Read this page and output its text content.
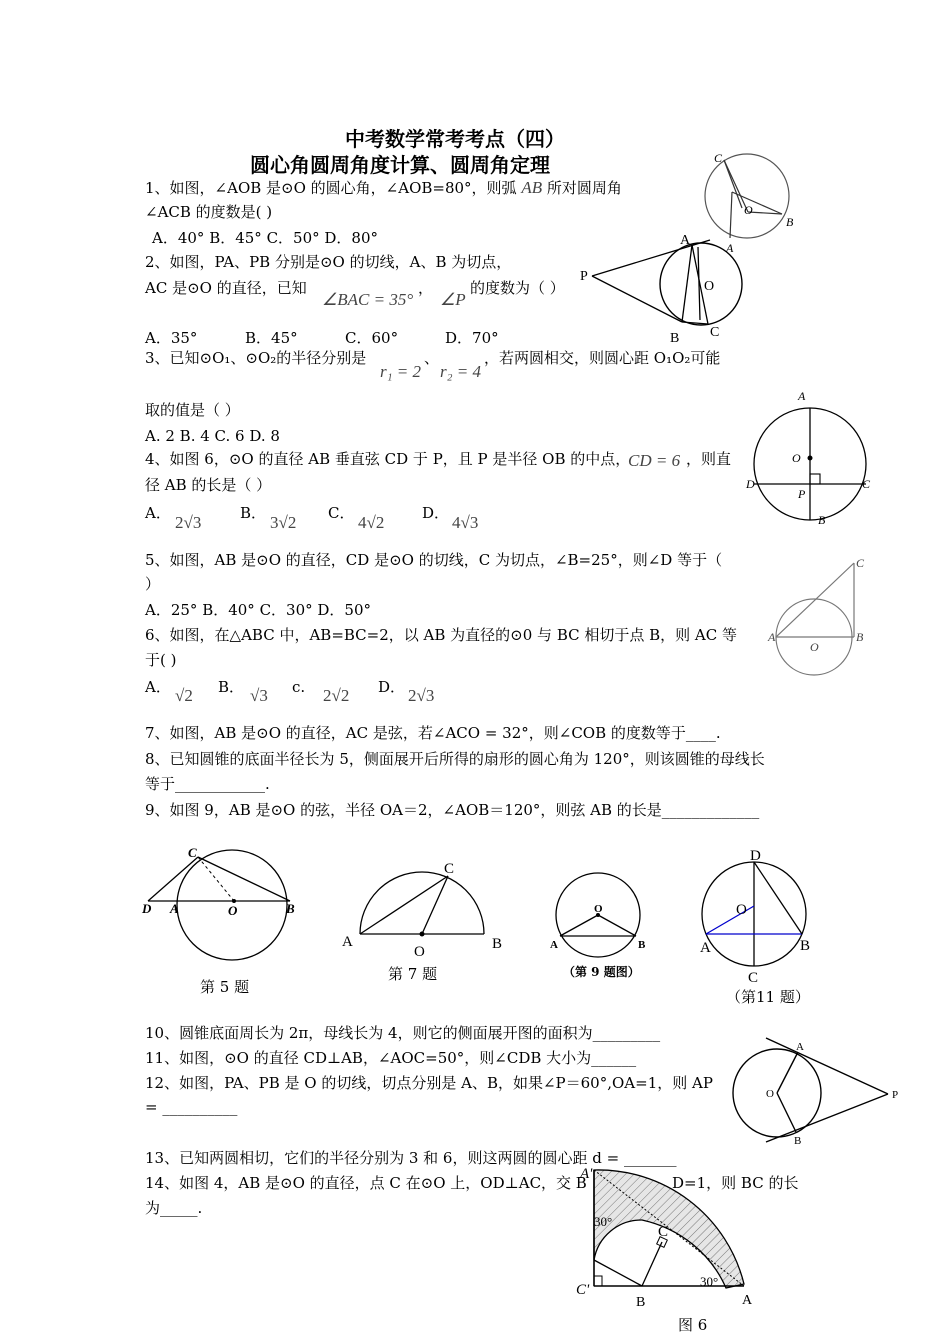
中考数学常考考点（四）
圆心角圆周角度计算、圆周角定理
1、如图，∠AOB 是⊙O 的圆心角，∠AOB=80°，则弧 AB 所对圆周角
∠ACB 的度数是( )
A．40° B．45° C．50° D．80°
C
O
B
A
2、如图，PA、PB 分别是⊙O 的切线，A、B 为切点，
AC 是⊙O 的直径，已知
∠BAC = 35°
，
∠P
的度数为（ ）
A．35°	B．45°	C．60°	D．70°
P
A
O
B C
3、已知⊙O₁、⊙O₂的半径分别是
r₁ = 2
、
r₂ = 4
，若两圆相交，则圆心距 O₁O₂可能
取的值是（ ）
A. 2 B. 4 C. 6 D. 8
A
O
D
P
C
B
4、如图 6，⊙O 的直径 AB 垂直弦 CD 于 P，且 P 是半径 OB 的中点，
CD = 6 ，则直
径 AB 的长是（ ）
A． 2√3	B． 3√2 C． 4√2	D． 4√3
5、如图，AB 是⊙O 的直径，CD 是⊙O 的切线，C 为切点，∠B=25°，则∠D 等于（
）
A．25° B．40° C．30° D．50°
C
A
O
B
6、如图，在△ABC 中，AB=BC=2，以 AB 为直径的⊙0 与 BC 相切于点 B，则 AC 等
于( )
A． √2 B． √3 c. 2√2 D． 2√3
7、如图，AB 是⊙O 的直径，AC 是弦，若∠ACO = 32°，则∠COB 的度数等于____.
8、已知圆锥的底面半径长为 5，侧面展开后所得的扇形的圆心角为 120°，则该圆锥的母线长
等于____________.
9、如图 9，AB 是⊙O 的弦，半径 OA＝2，∠AOB＝120°，则弦 AB 的长是_____________
C
D A	O	B
第 5 题
C
A
O	B
第 7 题
O
A	B
（第 9 题图）
D
O
A	B
C
（第11 题）
10、圆锥底面周长为 2π，母线长为 4，则它的侧面展开图的面积为_________
11、如图，⊙O 的直径 CD⊥AB，∠AOC=50°，则∠CDB 大小为______
12、如图，PA、PB 是 O 的切线，切点分别是 A、B，如果∠P＝60°,OA=1，则 AP
= __________
A
O	P
B
13、已知两圆相切，它们的半径分别为 3 和 6，则这两圆的圆心距 d = _______
14、如图 4，AB 是⊙O 的直径，点 C 在⊙O 上，OD⊥AC，交 B	D=1，则 BC 的长
为_____.
A'
30°
C
C'
B
30°
A
图 6
